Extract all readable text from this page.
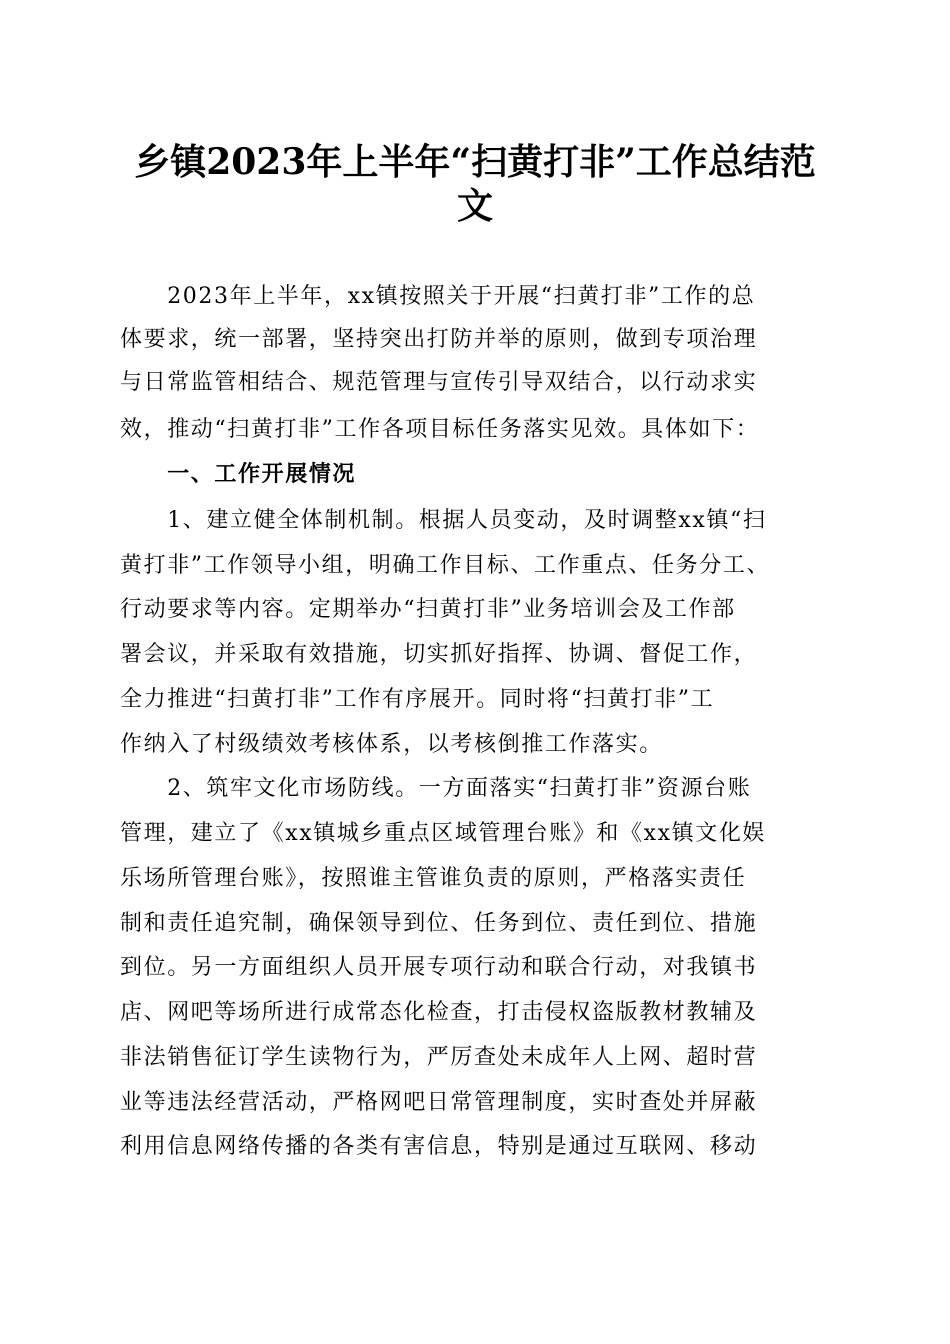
乡镇2023年上半年“扫黄打非”工作总结范
文

　　2023年上半年，xx镇按照关于开展“扫黄打非”工作的总

体要求，统一部署，坚持突出打防并举的原则，做到专项治理

与日常监管相结合、规范管理与宣传引导双结合，以行动求实

效，推动“扫黄打非”工作各项目标任务落实见效。具体如下：

　　一、工作开展情况

　　1、建立健全体制机制。根据人员变动，及时调整xx镇“扫

黄打非”工作领导小组，明确工作目标、工作重点、任务分工、

行动要求等内容。定期举办“扫黄打非”业务培训会及工作部

署会议，并采取有效措施，切实抓好指挥、协调、督促工作，

全力推进“扫黄打非”工作有序展开。同时将“扫黄打非”工

作纳入了村级绩效考核体系，以考核倒推工作落实。

　　2、筑牢文化市场防线。一方面落实“扫黄打非”资源台账

管理，建立了《xx镇城乡重点区域管理台账》和《xx镇文化娱

乐场所管理台账》，按照谁主管谁负责的原则，严格落实责任

制和责任追究制，确保领导到位、任务到位、责任到位、措施

到位。另一方面组织人员开展专项行动和联合行动，对我镇书

店、网吧等场所进行成常态化检查，打击侵权盗版教材教辅及

非法销售征订学生读物行为，严厉查处未成年人上网、超时营

业等违法经营活动，严格网吧日常管理制度，实时查处并屏蔽

利用信息网络传播的各类有害信息，特别是通过互联网、移动
